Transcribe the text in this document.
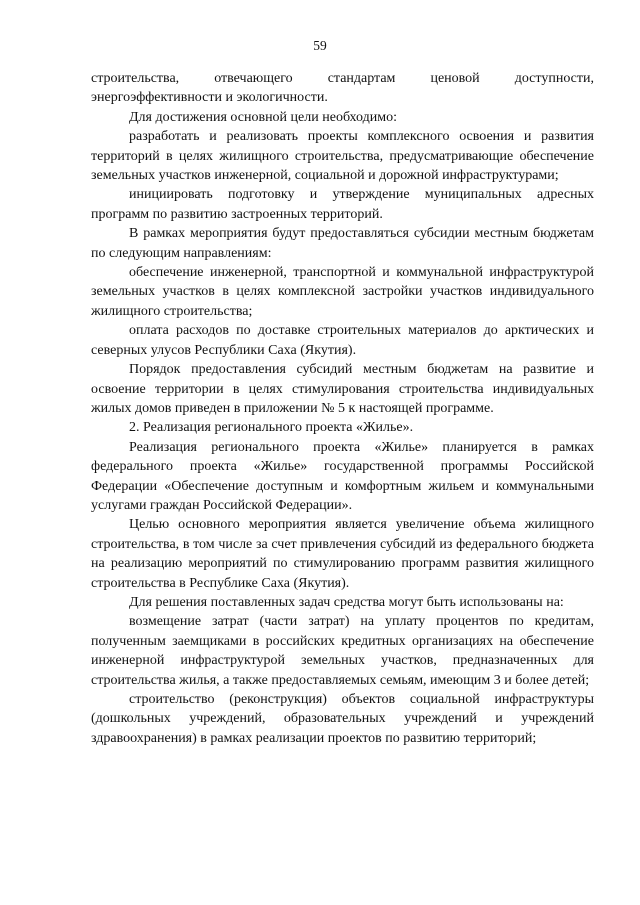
59

строительства, отвечающего стандартам ценовой доступности, энергоэффективности и экологичности.

Для достижения основной цели необходимо:

разработать и реализовать проекты комплексного освоения и развития территорий в целях жилищного строительства, предусматривающие обеспечение земельных участков инженерной, социальной и дорожной инфраструктурами;

инициировать подготовку и утверждение муниципальных адресных программ по развитию застроенных территорий.

В рамках мероприятия будут предоставляться субсидии местным бюджетам по следующим направлениям:

обеспечение инженерной, транспортной и коммунальной инфраструктурой земельных участков в целях комплексной застройки участков индивидуального жилищного строительства;

оплата расходов по доставке строительных материалов до арктических и северных улусов Республики Саха (Якутия).

Порядок предоставления субсидий местным бюджетам на развитие и освоение территории в целях стимулирования строительства индивидуальных жилых домов приведен в приложении № 5 к настоящей программе.

2. Реализация регионального проекта «Жилье».

Реализация регионального проекта «Жилье» планируется в рамках федерального проекта «Жилье» государственной программы Российской Федерации «Обеспечение доступным и комфортным жильем и коммунальными услугами граждан Российской Федерации».

Целью основного мероприятия является увеличение объема жилищного строительства, в том числе за счет привлечения субсидий из федерального бюджета на реализацию мероприятий по стимулированию программ развития жилищного строительства в Республике Саха (Якутия).

Для решения поставленных задач средства могут быть использованы на:

возмещение затрат (части затрат) на уплату процентов по кредитам, полученным заемщиками в российских кредитных организациях на обеспечение инженерной инфраструктурой земельных участков, предназначенных для строительства жилья, а также предоставляемых семьям, имеющим 3 и более детей;

строительство (реконструкция) объектов социальной инфраструктуры (дошкольных учреждений, образовательных учреждений и учреждений здравоохранения) в рамках реализации проектов по развитию территорий;
